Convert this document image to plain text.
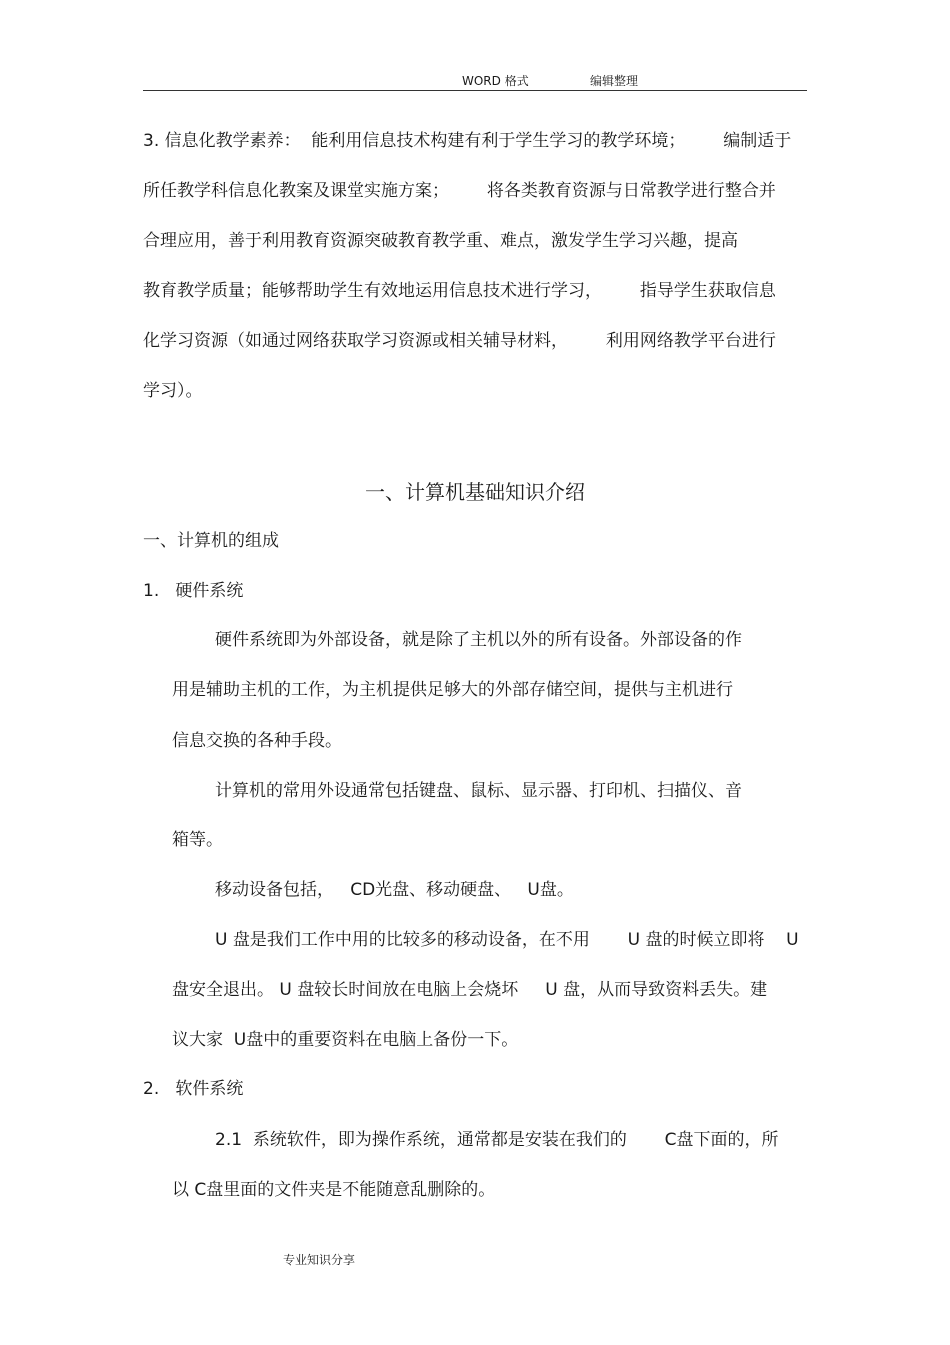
WORD 格式	编辑整理
3. 信息化教学素养：  能利用信息技术构建有利于学生学习的教学环境；       编制适于
所任教学科信息化教案及课堂实施方案；       将各类教育资源与日常教学进行整合并
合理应用，善于利用教育资源突破教育教学重、难点，激发学生学习兴趣，提高
教育教学质量；能够帮助学生有效地运用信息技术进行学习，       指导学生获取信息
化学习资源（如通过网络获取学习资源或相关辅导材料，       利用网络教学平台进行
学习）。
一、计算机基础知识介绍
一、计算机的组成
1.   硬件系统
硬件系统即为外部设备，就是除了主机以外的所有设备。外部设备的作
用是辅助主机的工作，为主机提供足够大的外部存储空间，提供与主机进行
信息交换的各种手段。
计算机的常用外设通常包括键盘、鼠标、显示器、打印机、扫描仪、音
箱等。
移动设备包括，   CD光盘、移动硬盘、   U盘。
U 盘是我们工作中用的比较多的移动设备，在不用       U 盘的时候立即将    U
盘安全退出。 U 盘较长时间放在电脑上会烧坏     U 盘，从而导致资料丢失。建
议大家  U盘中的重要资料在电脑上备份一下。
2.   软件系统
2.1  系统软件，即为操作系统，通常都是安装在我们的       C盘下面的，所
以 C盘里面的文件夹是不能随意乱删除的。
专业知识分享
